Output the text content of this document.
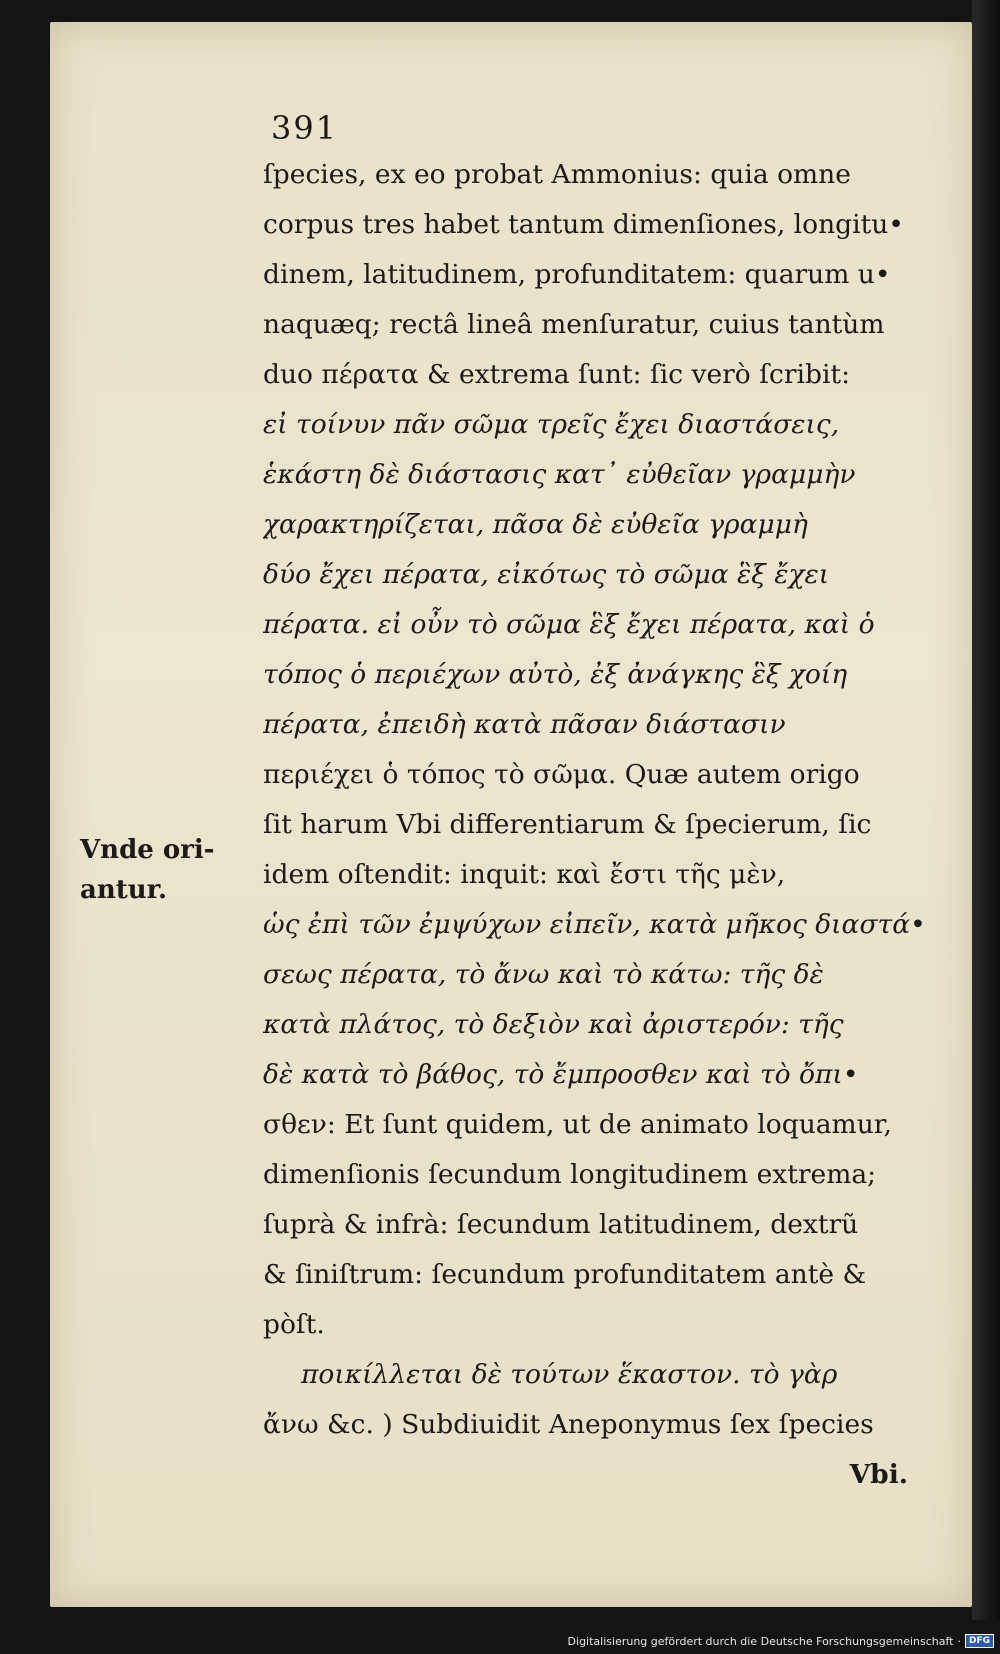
391
ſpecies, ex eo probat Ammonius: quia omne
corpus tres habet tantum dimenſiones, longitu•
dinem, latitudinem, profunditatem: quarum u•
naquæq; rectâ lineâ menſuratur, cuius tantùm
duo πέρατα & extrema ſunt: ſic verò ſcribit:
εἰ τοίνυν πᾶν σῶμα τρεῖς ἔχει διαστάσεις,
ἑκάστη δὲ διάστασις κατ᾽ εὐθεῖαν γραμμὴν
χαρακτηρίζεται, πᾶσα δὲ εὐθεῖα γραμμὴ
δύο ἔχει πέρατα, εἰκότως τὸ σῶμα ἓξ ἔχει
πέρατα. εἰ οὖν τὸ σῶμα ἓξ ἔχει πέρατα, καὶ ὁ
τόπος ὁ περιέχων αὐτὸ, ἐξ ἀνάγκης ἓξ χοίη
πέρατα, ἐπειδὴ κατὰ πᾶσαν διάστασιν
περιέχει ὁ τόπος τὸ σῶμα. Quæ autem origo
ſit harum Vbi differentiarum & ſpecierum, ſic
idem oſtendit: inquit: καὶ ἔστι τῆς μὲν,
ὡς ἐπὶ τῶν ἐμψύχων εἰπεῖν, κατὰ μῆκος διαστά•
σεως πέρατα, τὸ ἄνω καὶ τὸ κάτω: τῆς δὲ
κατὰ πλάτος, τὸ δεξιὸν καὶ ἀριστερόν: τῆς
δὲ κατὰ τὸ βάθος, τὸ ἔμπροσθεν καὶ τὸ ὄπι•
σθεν: Et ſunt quidem, ut de animato loquamur,
dimenſionis ſecundum longitudinem extrema;
ſuprà & infrà: ſecundum latitudinem, dextrũ
& ſiniſtrum: ſecundum profunditatem antè &
pòſt.
ποικίλλεται δὲ τούτων ἕκαστον. τὸ γὰρ
ἄνω &c. ) Subdiuidit Aneponymus ſex ſpecies
Vbi.
Vnde ori-
antur.
Digitalisierung gefördert durch die Deutsche Forschungsgemeinschaft · DFG
